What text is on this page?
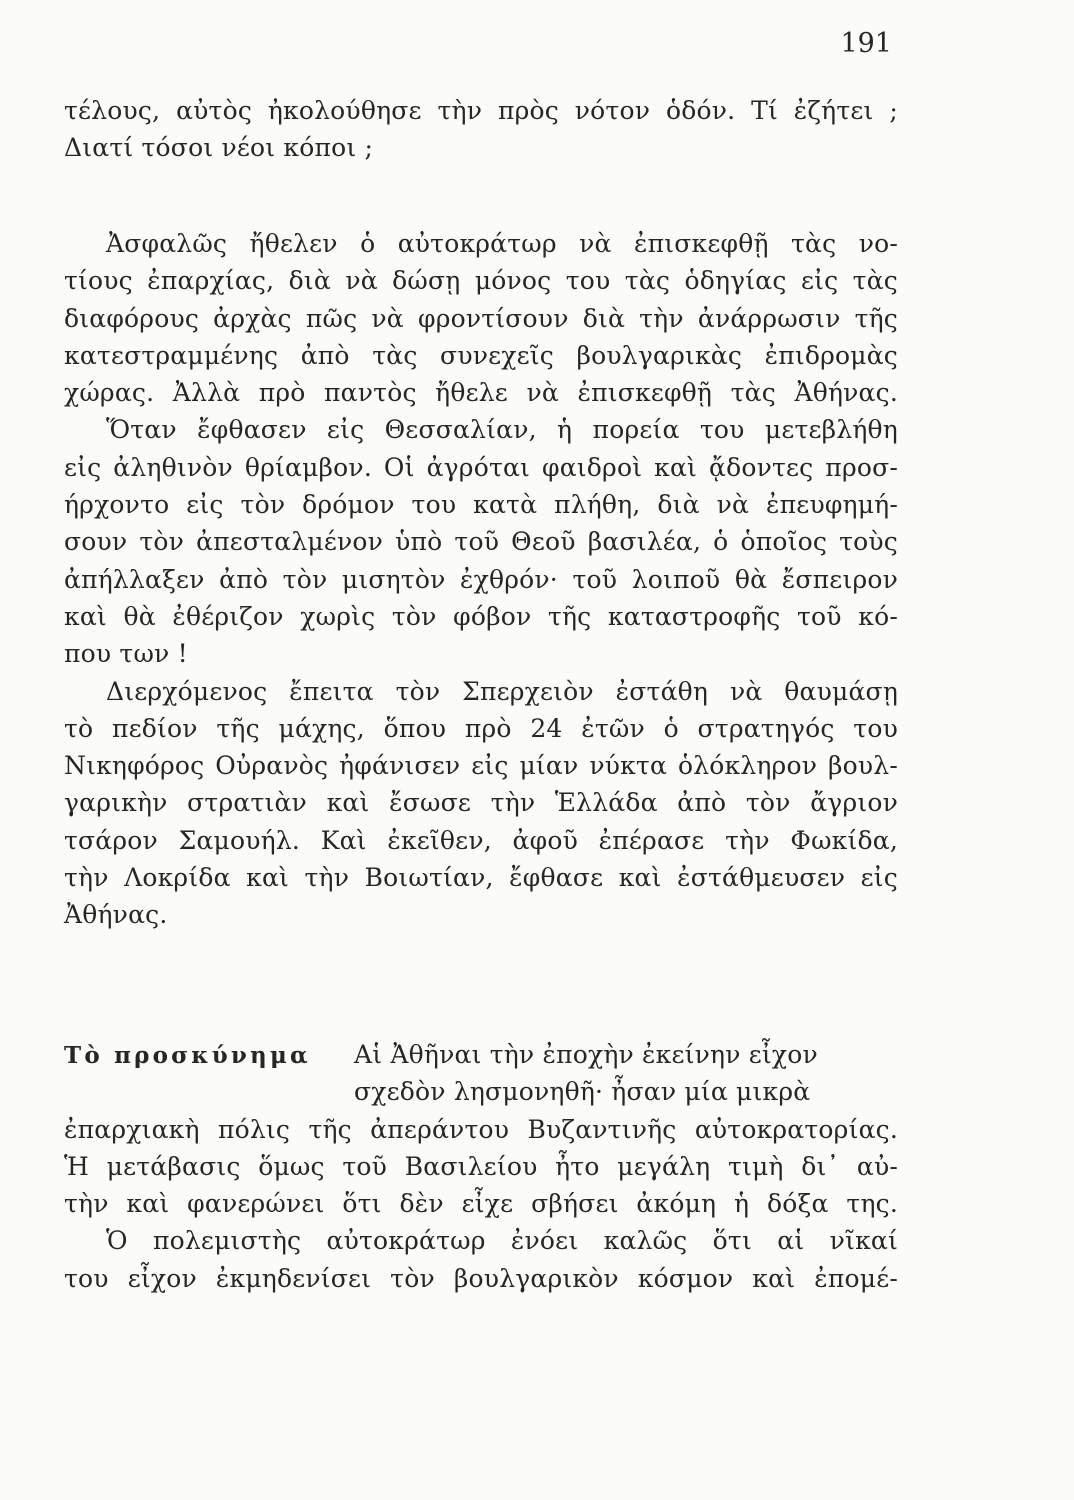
191
τέλους, αὐτὸς ἠκολούθησε τὴν πρὸς νότον ὁδόν. Τί ἐζήτει ;
Διατί τόσοι νέοι κόποι ;
Ἀσφαλῶς ἤθελεν ὁ αὐτοκράτωρ νὰ ἐπισκεφθῇ τὰς νο-
τίους ἐπαρχίας, διὰ νὰ δώσῃ μόνος του τὰς ὁδηγίας εἰς τὰς
διαφόρους ἀρχὰς πῶς νὰ φροντίσουν διὰ τὴν ἀνάρρωσιν τῆς
κατεστραμμένης ἀπὸ τὰς συνεχεῖς βουλγαρικὰς ἐπιδρομὰς
χώρας. Ἀλλὰ πρὸ παντὸς ἤθελε νὰ ἐπισκεφθῇ τὰς Ἀθήνας.
Ὅταν ἔφθασεν εἰς Θεσσαλίαν, ἡ πορεία του μετεβλήθη
εἰς ἀληθινὸν θρίαμβον. Οἱ ἀγρόται φαιδροὶ καὶ ᾄδοντες προσ-
ήρχοντο εἰς τὸν δρόμον του κατὰ πλήθη, διὰ νὰ ἐπευφημή-
σουν τὸν ἀπεσταλμένον ὑπὸ τοῦ Θεοῦ βασιλέα, ὁ ὁποῖος τοὺς
ἀπήλλαξεν ἀπὸ τὸν μισητὸν ἐχθρόν· τοῦ λοιποῦ θὰ ἔσπειρον
καὶ θὰ ἐθέριζον χωρὶς τὸν φόβον τῆς καταστροφῆς τοῦ κό-
που των !
Διερχόμενος ἔπειτα τὸν Σπερχειὸν ἐστάθη νὰ θαυμάσῃ
τὸ πεδίον τῆς μάχης, ὅπου πρὸ 24 ἐτῶν ὁ στρατηγός του
Νικηφόρος Οὐρανὸς ἠφάνισεν εἰς μίαν νύκτα ὁλόκληρον βουλ-
γαρικὴν στρατιὰν καὶ ἔσωσε τὴν Ἑλλάδα ἀπὸ τὸν ἄγριον
τσάρον Σαμουήλ. Καὶ ἐκεῖθεν, ἀφοῦ ἐπέρασε τὴν Φωκίδα,
τὴν Λοκρίδα καὶ τὴν Βοιωτίαν, ἔφθασε καὶ ἐστάθμευσεν εἰς
Ἀθήνας.
Τὸ προσκύνημα Αἱ Ἀθῆναι τὴν ἐποχὴν ἐκείνην εἶχον
σχεδὸν λησμονηθῆ· ἦσαν μία μικρὰ
ἐπαρχιακὴ πόλις τῆς ἀπεράντου Βυζαντινῆς αὐτοκρατορίας.
Ἡ μετάβασις ὅμως τοῦ Βασιλείου ἦτο μεγάλη τιμὴ δι᾽ αὐ-
τὴν καὶ φανερώνει ὅτι δὲν εἶχε σβήσει ἀκόμη ἡ δόξα της.
Ὁ πολεμιστὴς αὐτοκράτωρ ἐνόει καλῶς ὅτι αἱ νῖκαί
του εἶχον ἐκμηδενίσει τὸν βουλγαρικὸν κόσμον καὶ ἐπομέ-
